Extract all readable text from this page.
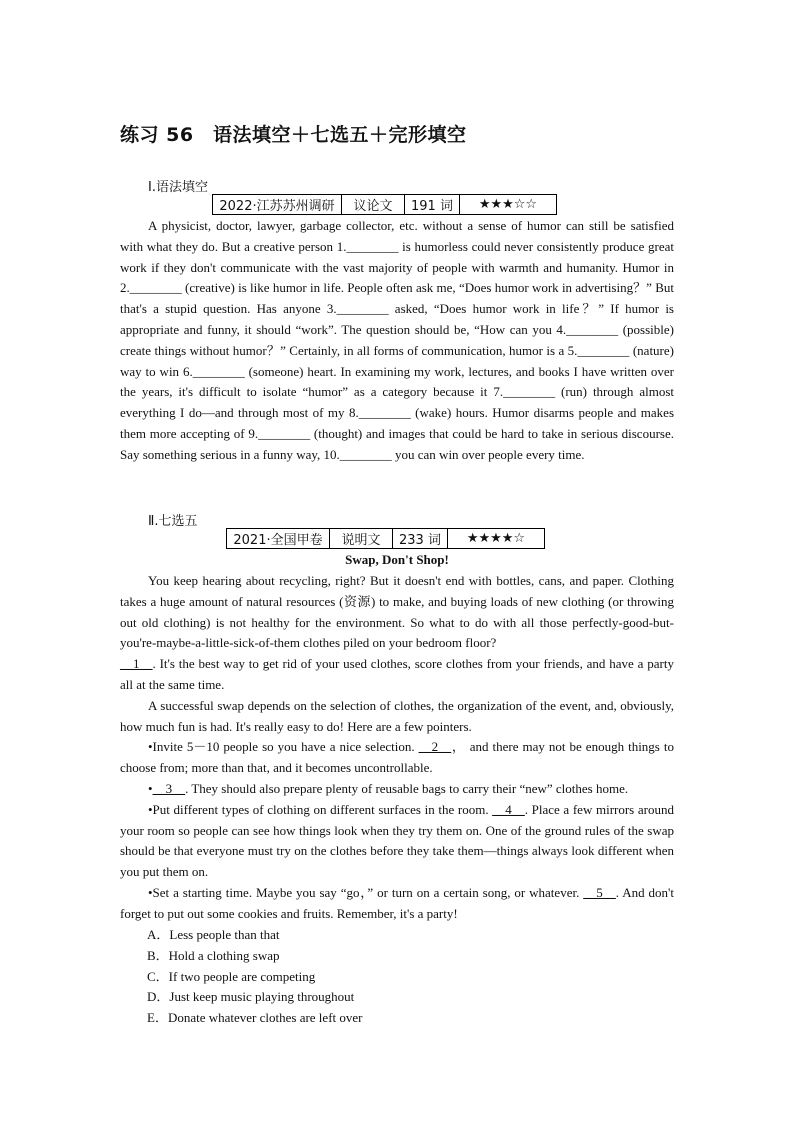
练习 56　语法填空＋七选五＋完形填空
Ⅰ.语法填空
2022·江苏苏州调研	议论文	191 词	★★★☆☆

A physicist, doctor, lawyer, garbage collector, etc. without a sense of humor can still be satisfied with what they do. But a creative person 1.________ is humorless could never consistently produce great work if they don't communicate with the vast majority of people with warmth and humanity. Humor in 2.________ (creative) is like humor in life. People often ask me, “Does humor work in advertising？” But that's a stupid question. Has anyone 3.________ asked, “Does humor work in life？” If humor is appropriate and funny, it should “work”. The question should be, “How can you 4.________ (possible) create things without humor？” Certainly, in all forms of communication, humor is a 5.________ (nature) way to win 6.________ (someone) heart. In examining my work, lectures, and books I have written over the years, it's difficult to isolate “humor” as a category because it 7.________ (run) through almost everything I do—and through most of my 8.________ (wake) hours. Humor disarms people and makes them more accepting of 9.________ (thought) and images that could be hard to take in serious discourse. Say something serious in a funny way, 10.________ you can win over people every time.

Ⅱ.七选五
2021·全国甲卷	说明文	233 词	★★★★☆
Swap, Don't Shop!

You keep hearing about recycling, right? But it doesn't end with bottles, cans, and paper. Clothing takes a huge amount of natural resources (资源) to make, and buying loads of new clothing (or throwing out old clothing) is not healthy for the environment. So what to do with all those perfectly-good-but-you're-maybe-a-little-sick-of-them clothes piled on your bedroom floor?

__1__. It's the best way to get rid of your used clothes, score clothes from your friends, and have a party all at the same time.

A successful swap depends on the selection of clothes, the organization of the event, and, obviously, how much fun is had. It's really easy to do! Here are a few pointers.

•Invite 5－10 people so you have a nice selection. __2__， and there may not be enough things to choose from; more than that, and it becomes uncontrollable.

•__3__. They should also prepare plenty of reusable bags to carry their “new” clothes home.

•Put different types of clothing on different surfaces in the room. __4__. Place a few mirrors around your room so people can see how things look when they try them on. One of the ground rules of the swap should be that everyone must try on the clothes before they take them—things always look different when you put them on.

•Set a starting time. Maybe you say “go，” or turn on a certain song, or whatever. __5__. And don't forget to put out some cookies and fruits. Remember, it's a party!

A．Less people than that
B．Hold a clothing swap
C．If two people are competing
D．Just keep music playing throughout
E．Donate whatever clothes are left over
